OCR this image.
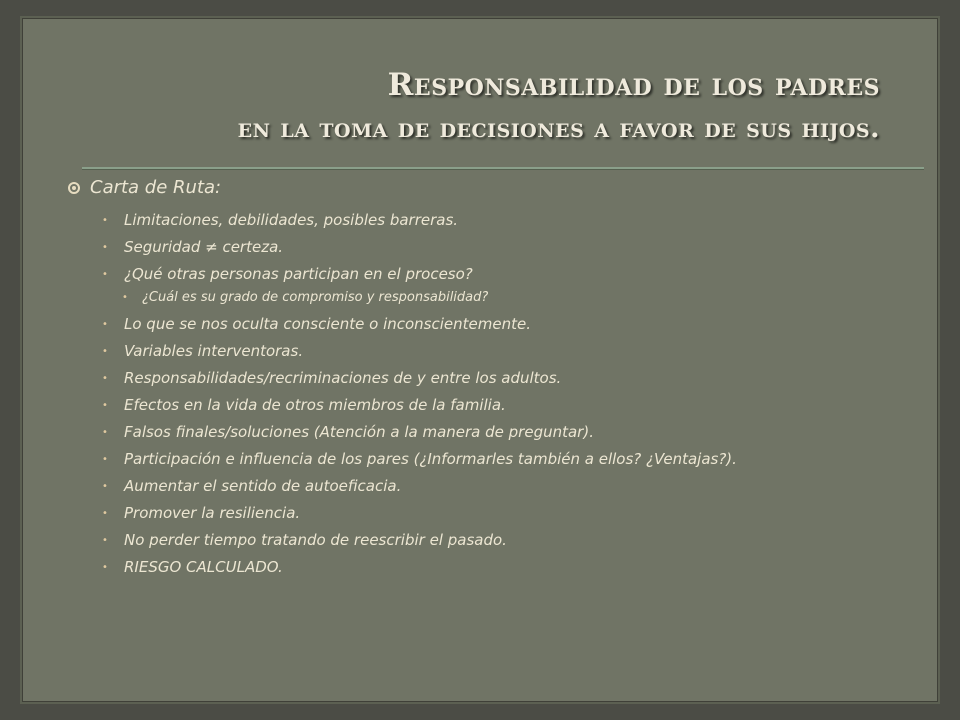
Responsabilidad de los padres
en la toma de decisiones a favor de sus hijos.
Carta de Ruta:
• Limitaciones, debilidades, posibles barreras.
• Seguridad ≠ certeza.
• ¿Qué otras personas participan en el proceso?
• ¿Cuál es su grado de compromiso y responsabilidad?
• Lo que se nos oculta consciente o inconscientemente.
• Variables interventoras.
• Responsabilidades/recriminaciones de y entre los adultos.
• Efectos en la vida de otros miembros de la familia.
• Falsos finales/soluciones (Atención a la manera de preguntar).
• Participación e influencia de los pares (¿Informarles también a ellos? ¿Ventajas?).
• Aumentar el sentido de autoeficacia.
• Promover la resiliencia.
• No perder tiempo tratando de reescribir el pasado.
• RIESGO CALCULADO.
